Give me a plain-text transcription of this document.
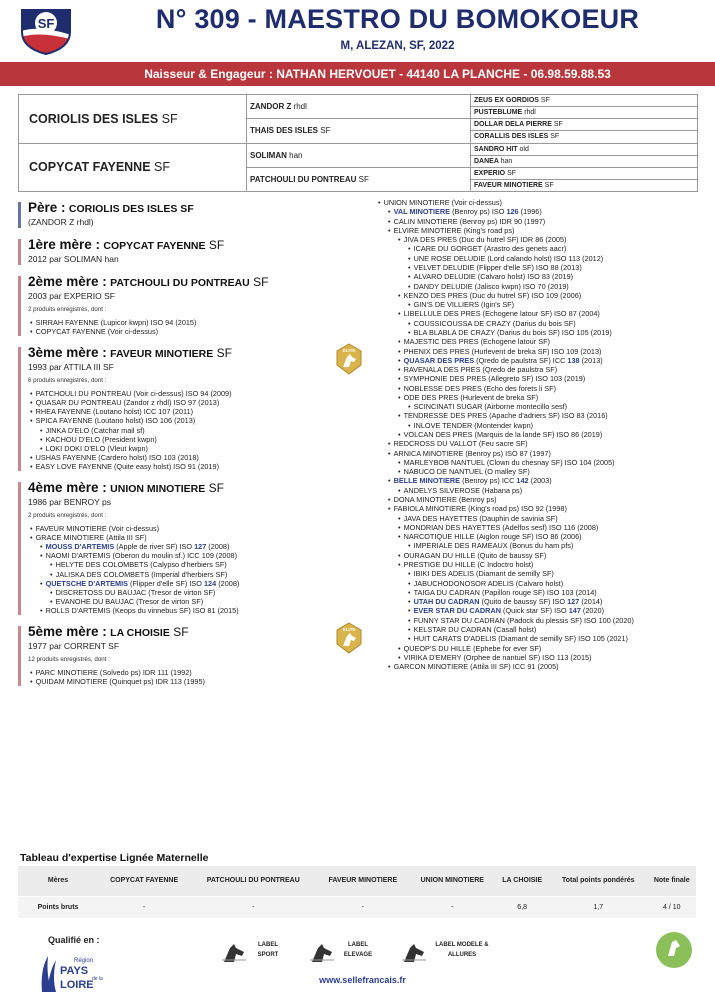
SF	N° 309 - MAESTRO DU BOMOKOEUR
M, ALEZAN, SF, 2022
Naisseur & Engageur : NATHAN HERVOUET - 44140 LA PLANCHE - 06.98.59.88.53
CORIOLIS DES ISLES SF	ZANDOR Z rhdl	ZEUS EX GORDIOS SF
		PUSTEBLUME rhdl
	THAIS DES ISLES SF	DOLLAR DELA PIERRE SF
		CORALLIS DES ISLES SF
COPYCAT FAYENNE SF	SOLIMAN han	SANDRO HIT old
		DANEA han
	PATCHOULI DU PONTREAU SF	EXPERIO SF
		FAVEUR MINOTIERE SF
Père : CORIOLIS DES ISLES SF
(ZANDOR Z rhdl)
1ère mère : COPYCAT FAYENNE SF
2012 par SOLIMAN han
2ème mère : PATCHOULI DU PONTREAU SF
2003 par EXPERIO SF
2 produits enregistrés, dont :
• SIRRAH FAYENNE (Lupicor kwpn) ISO 94 (2015)
• COPYCAT FAYENNE (Voir ci-dessus)
3ème mère : FAVEUR MINOTIERE SF
1993 par ATTILA III SF
6 produits enregistrés, dont :
• PATCHOULI DU PONTREAU (Voir ci-dessus) ISO 94 (2009)
• QUASAR DU PONTREAU (Zandor z rhdl) ISO 97 (2013)
• RHEA FAYENNE (Loutano holst) ICC 107 (2011)
• SPICA FAYENNE (Loutano holst) ISO 106 (2013)
• JINKA D'ELO (Catchar mail sf)
• KACHOU D'ELO (President kwpn)
• LOKI DOKI D'ELO (Vleut kwpn)
• USHAS FAYENNE (Cardero holst) ISO 103 (2018)
• EASY LOVE FAYENNE (Quite easy holst) ISO 91 (2019)
ELITE
4ème mère : UNION MINOTIERE SF
1986 par BENROY ps
2 produits enregistrés, dont :
• FAVEUR MINOTIERE (Voir ci-dessus)
• GRACE MINOTIERE (Attila III SF)
• MOUSS D'ARTEMIS (Apple de river SF) ISO 127 (2008)
• NAOMI D'ARTEMIS (Oberon du moulin sf.) ICC 109 (2008)
• HELYTE DES COLOMBETS (Calypso d'herbiers SF)
• JALISKA DES COLOMBETS (Imperial d'herbiers SF)
• QUETSCHE D'ARTEMIS (Flipper d'elle SF) ISO 124 (2008)
• DISCRETOSS DU BAUJAC (Tresor de virton SF)
• EVANOHE DU BAUJAC (Tresor de virton SF)
• ROLLS D'ARTEMIS (Keops du vinnebus SF) ISO 81 (2015)
5ème mère : LA CHOISIE SF
1977 par CORRENT SF
12 produits enregistrés, dont :
• PARC MINOTIERE (Solvedo ps) IDR 111 (1992)
• QUIDAM MINOTIERE (Quinquet ps) IDR 113 (1995)
ELITE
• UNION MINOTIERE (Voir ci-dessus)
• VAL MINOTIERE (Benroy ps) ISO 126 (1996)
• CALIN MINOTIERE (Benroy ps) IDR 90 (1997)
• ELVIRE MINOTIERE (King's road ps)
• JIVA DES PRES (Duc du hutrel SF) IDR 86 (2005)
• ICARE DU GORGET (Arastro des genets aacr)
• UNE ROSE DELUDIE (Lord calando holst) ISO 113 (2012)
• VELVET DELUDIE (Flipper d'elle SF) ISO 88 (2013)
• ALVARO DELUDIE (Calvaro holst) ISO 83 (2019)
• DANDY DELUDIE (Jalisco kwpn) ISO 70 (2019)
• KENZO DES PRES (Duc du hutrel SF) ISO 109 (2006)
• GIN'S DE VILLIERS (Igin's SF)
• LIBELLULE DES PRES (Echogene latour SF) ISO 87 (2004)
• COUSSICOUSSA DE CRAZY (Darius du bois SF)
• BLA BLABLA DE CRAZY (Darius du bois SF) ISO 105 (2019)
• MAJESTIC DES PRES (Echogene latour SF)
• PHENIX DES PRES (Hurlevent de breka SF) ISO 109 (2013)
• QUASAR DES PRES (Qredo de paulstra SF) ICC 138 (2013)
• RAVENALA DES PRES (Qredo de paulstra SF)
• SYMPHONIE DES PRES (Allegreto SF) ISO 103 (2019)
• NOBLESSE DES PRES (Echo des forets li SF)
• ODE DES PRES (Hurlevent de breka SF)
• SCINCINATI SUGAR (Airborne montecillo sesf)
• TENDRESSE DES PRES (Apache d'adriers SF) ISO 83 (2016)
• INLOVE TENDER (Montender kwpn)
• VOLCAN DES PRES (Marquis de la lande SF) ISO 86 (2019)
• REDCROSS DU VALLOT (Feu sacre SF)
• ARNICA MINOTIERE (Benroy ps) ISO 87 (1997)
• MARLEYBOB NANTUEL (Clown du chesnay SF) ISO 104 (2005)
• NABUCO DE NANTUEL (O malley SF)
• BELLE MINOTIERE (Benroy ps) ICC 142 (2003)
• ANDELYS SILVEROSE (Habana ps)
• DONA MINOTIERE (Benroy ps)
• FABIOLA MINOTIERE (King's road ps) ISO 92 (1998)
• JAVA DES HAYETTES (Dauphin de savinia SF)
• MONDRIAN DES HAYETTES (Adelfos sesf) ISO 116 (2008)
• NARCOTIQUE HILLE (Aiglon rouge SF) ISO 86 (2006)
• IMPERIALE DES RAMEAUX (Bonus du ham pfs)
• OURAGAN DU HILLE (Quito de baussy SF)
• PRESTIGE DU HILLE (C Indoctro holst)
• IBIKI DES ADELIS (Diamant de semilly SF)
• JABUCHODONOSOR ADELIS (Calvaro holst)
• TAIGA DU CADRAN (Papillon rouge SF) ISO 103 (2014)
• UTAH DU CADRAN (Quito de baussy SF) ISO 127 (2014)
• EVER STAR DU CADRAN (Quick star SF) ISO 147 (2020)
• FUNNY STAR DU CADRAN (Padock du plessis SF) ISO 100 (2020)
• KELSTAR DU CADRAN (Casall holst)
• HUIT CARATS D'ADELIS (Diamant de semilly SF) ISO 105 (2021)
• QUEOP'S DU HILLE (Ephebe for ever SF)
• VIRIKA D'EMERY (Orphee de nantuel SF) ISO 113 (2015)
• GARCON MINOTIERE (Attila III SF) ICC 91 (2005)
Tableau d'expertise Lignée Maternelle
Mères	COPYCAT FAYENNE	PATCHOULI DU PONTREAU	FAVEUR MINOTIERE	UNION MINOTIERE	LA CHOISIE	Total points pondérés	Note finale
Points bruts	-	-	-	-	6,8	1,7	4 / 10
Qualifié en :
Région
PAYS
de la
LOIRE
LABEL SPORT
LABEL ELEVAGE
LABEL MODELE & ALLURES
www.sellefrancais.fr
